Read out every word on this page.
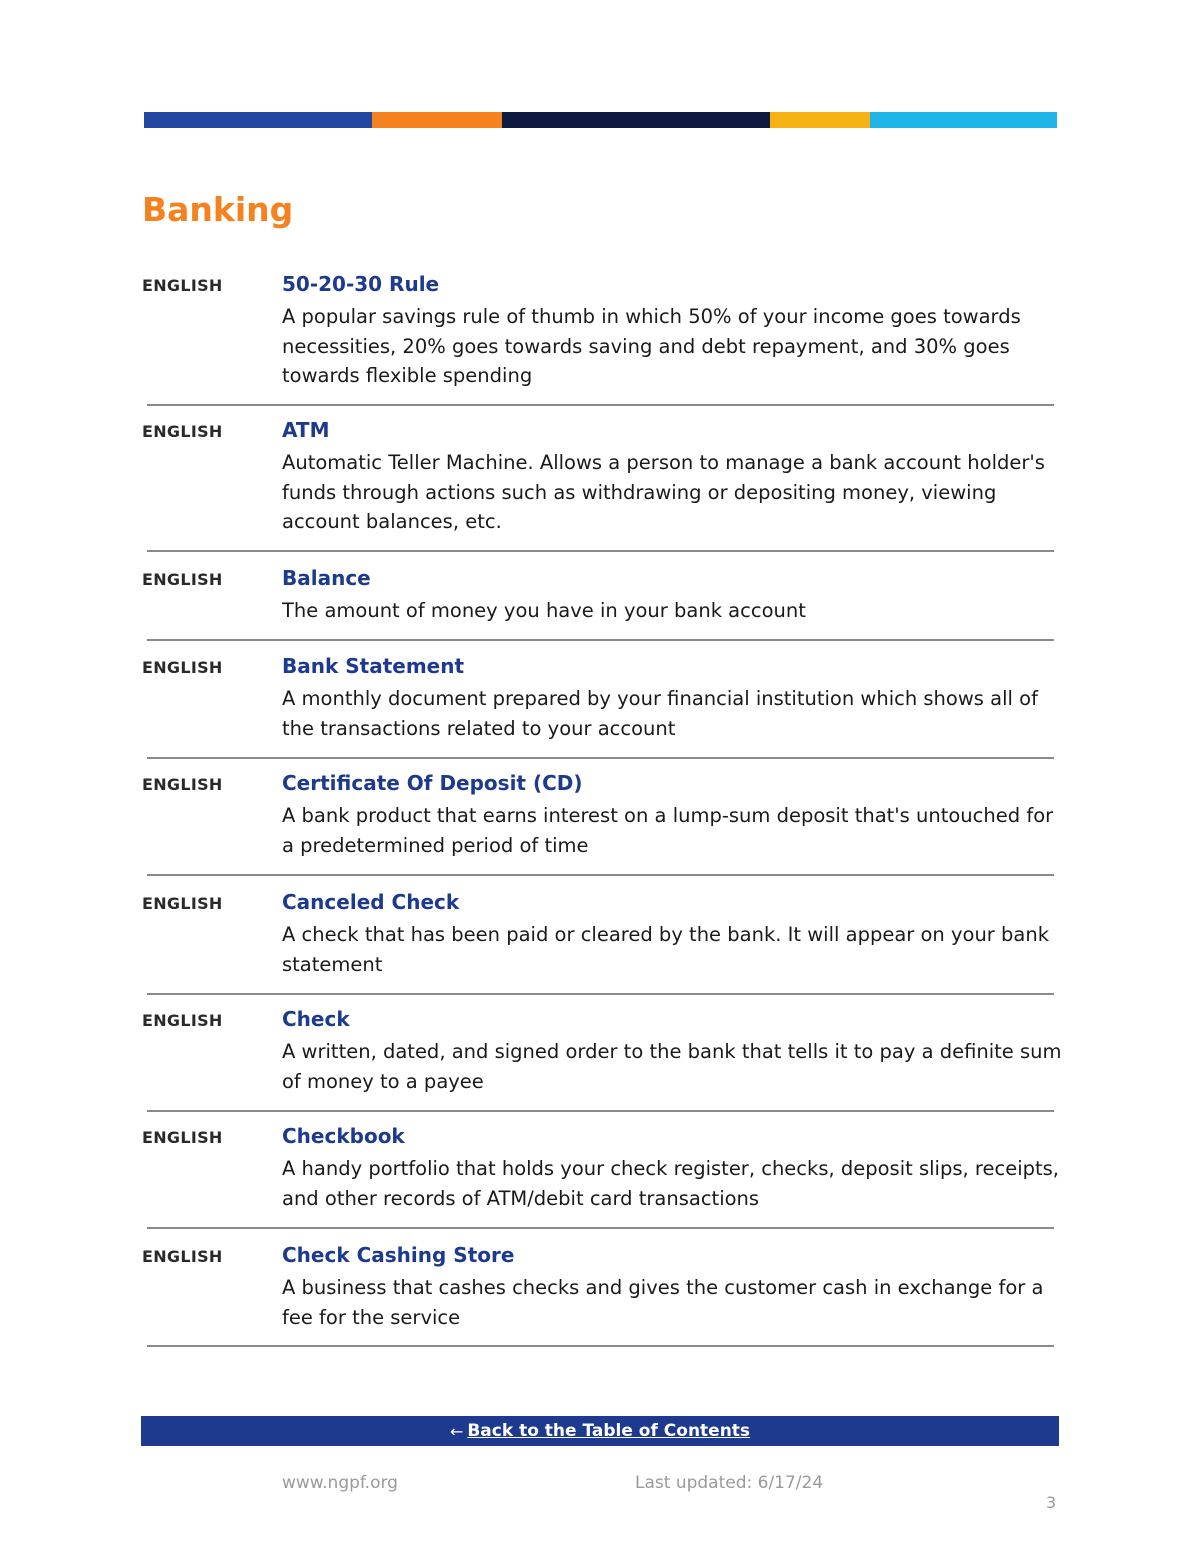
Banking
ENGLISH	50-20-30 Rule

A popular savings rule of thumb in which 50% of your income goes towards necessities, 20% goes towards saving and debt repayment, and 30% goes towards flexible spending

ENGLISH	ATM

Automatic Teller Machine. Allows a person to manage a bank account holder's funds through actions such as withdrawing or depositing money, viewing account balances, etc.

ENGLISH	Balance

The amount of money you have in your bank account

ENGLISH	Bank Statement

A monthly document prepared by your financial institution which shows all of the transactions related to your account

ENGLISH	Certificate Of Deposit (CD)

A bank product that earns interest on a lump-sum deposit that's untouched for a predetermined period of time

ENGLISH	Canceled Check

A check that has been paid or cleared by the bank. It will appear on your bank statement

ENGLISH	Check

A written, dated, and signed order to the bank that tells it to pay a definite sum of money to a payee

ENGLISH	Checkbook

A handy portfolio that holds your check register, checks, deposit slips, receipts, and other records of ATM/debit card transactions

ENGLISH	Check Cashing Store

A business that cashes checks and gives the customer cash in exchange for a fee for the service

← Back to the Table of Contents
www.ngpf.org	Last updated: 6/17/24
3
